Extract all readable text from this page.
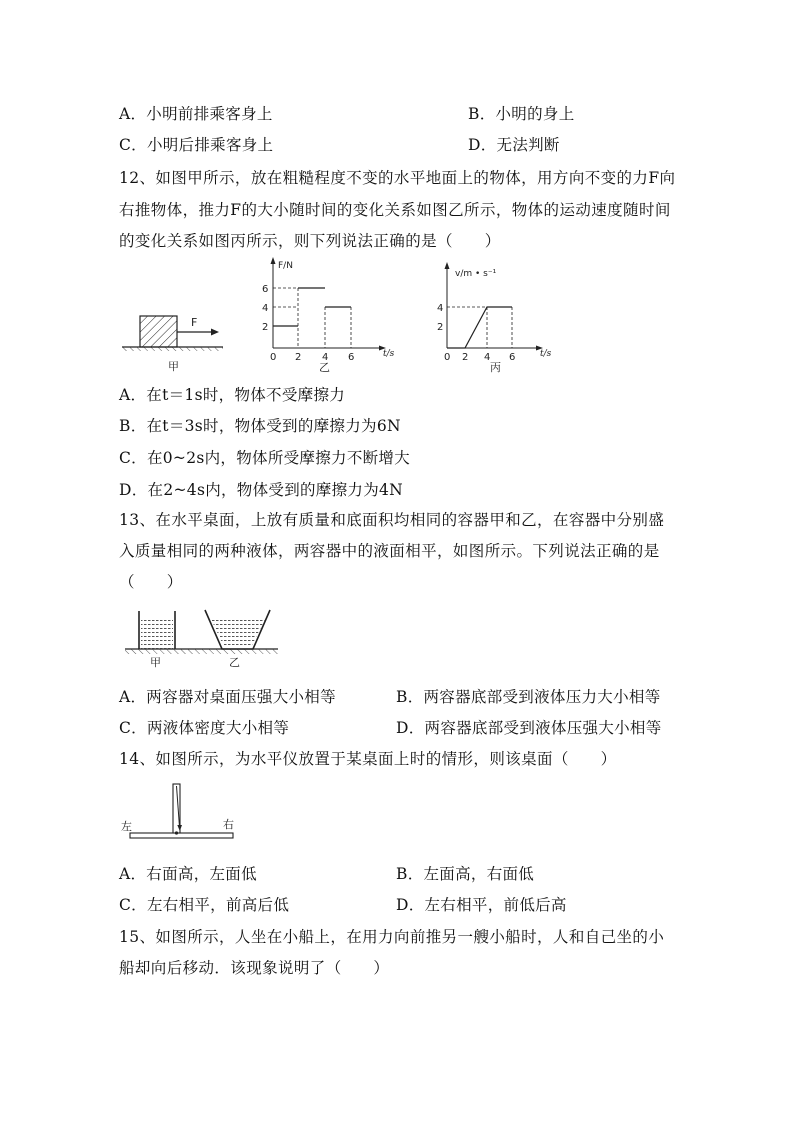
A．小明前排乘客身上	B．小明的身上
C．小明后排乘客身上	D．无法判断
12、如图甲所示，放在粗糙程度不变的水平地面上的物体，用方向不变的力F向
右推物体，推力F的大小随时间的变化关系如图乙所示，物体的运动速度随时间
的变化关系如图丙所示，则下列说法正确的是（　　）
F
甲
F/N
t/s
0 2 4 6
2
4
6
乙
v/m • s⁻¹
t/s
0 2 4 6
2
4
丙
A．在t＝1s时，物体不受摩擦力
B．在t＝3s时，物体受到的摩擦力为6N
C．在0~2s内，物体所受摩擦力不断增大
D．在2~4s内，物体受到的摩擦力为4N
13、在水平桌面，上放有质量和底面积均相同的容器甲和乙，在容器中分别盛
入质量相同的两种液体，两容器中的液面相平，如图所示。下列说法正确的是
（　　）
甲	乙
A．两容器对桌面压强大小相等	B．两容器底部受到液体压力大小相等
C．两液体密度大小相等	D．两容器底部受到液体压强大小相等
14、如图所示，为水平仪放置于某桌面上时的情形，则该桌面（　　）
左	右
A．右面高，左面低	B．左面高，右面低
C．左右相平，前高后低	D．左右相平，前低后高
15、如图所示，人坐在小船上，在用力向前推另一艘小船时，人和自己坐的小
船却向后移动．该现象说明了（　　）
